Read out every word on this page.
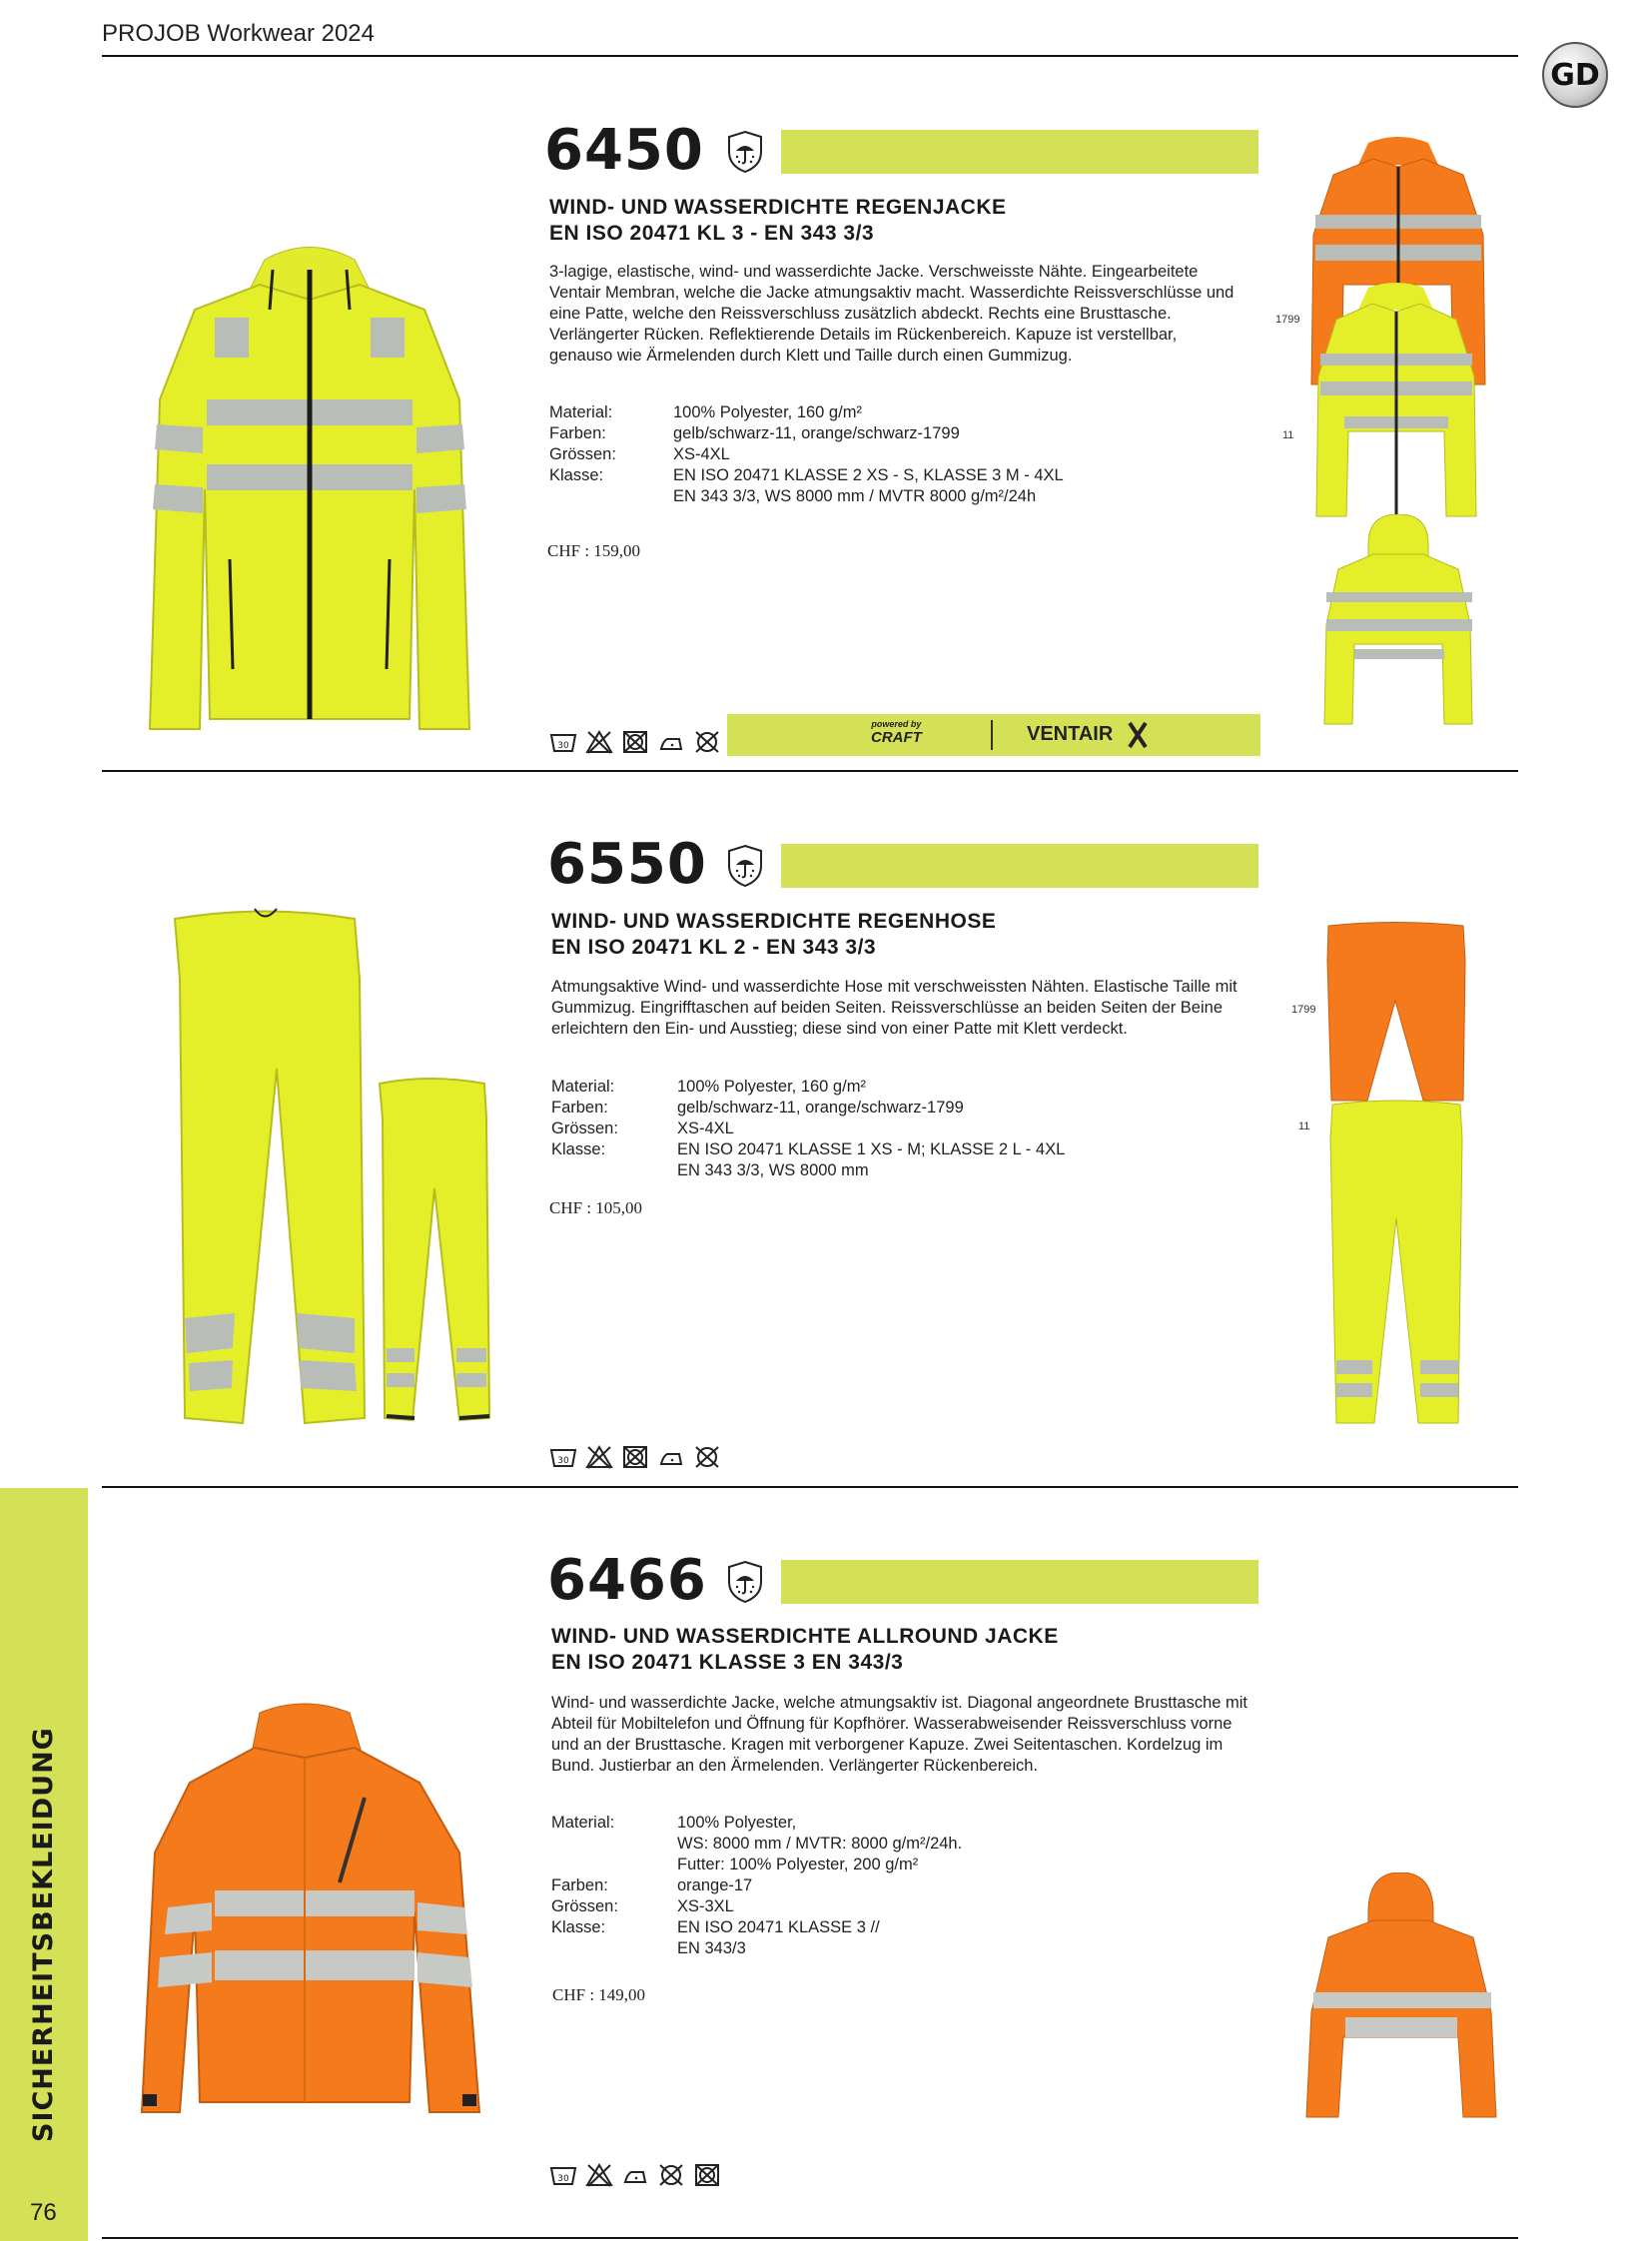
PROJOB Workwear 2024
GD
6450
WIND- UND WASSERDICHTE REGENJACKE
EN ISO 20471 KL 3 - EN 343 3/3
3-lagige, elastische, wind- und wasserdichte Jacke. Verschweisste Nähte. Eingearbeitete Ventair Membran, welche die Jacke atmungsaktiv macht. Wasserdichte Reissverschlüsse und eine Patte, welche den Reissverschluss zusätzlich abdeckt. Rechts eine Brusttasche. Verlängerter Rücken. Reflektierende Details im Rückenbereich. Kapuze ist verstellbar, genauso wie Ärmelenden durch Klett und Taille durch einen Gummizug.
Material:	100% Polyester, 160 g/m²
Farben:	gelb/schwarz-11, orange/schwarz-1799
Grössen:	XS-4XL
Klasse:	EN ISO 20471 KLASSE 2 XS - S, KLASSE 3 M - 4XL
EN 343 3/3, WS 8000 mm / MVTR 8000 g/m²/24h
CHF : 159,00
30
powered by
CRAFT	VENTAIR
1799
11
6550
WIND- UND WASSERDICHTE REGENHOSE
EN ISO 20471 KL 2 - EN 343 3/3
Atmungsaktive Wind- und wasserdichte Hose mit verschweissten Nähten. Elastische Taille mit Gummizug. Eingrifftaschen auf beiden Seiten. Reissverschlüsse an beiden Seiten der Beine erleichtern den Ein- und Ausstieg; diese sind von einer Patte mit Klett verdeckt.
Material:	100% Polyester, 160 g/m²
Farben:	gelb/schwarz-11, orange/schwarz-1799
Grössen:	XS-4XL
Klasse:	EN ISO 20471 KLASSE 1 XS - M; KLASSE 2 L - 4XL
EN 343 3/3, WS 8000 mm
CHF : 105,00
30
1799
11
6466
WIND- UND WASSERDICHTE ALLROUND JACKE
EN ISO 20471 KLASSE 3 EN 343/3
Wind- und wasserdichte Jacke, welche atmungsaktiv ist. Diagonal angeordnete Brusttasche mit Abteil für Mobiltelefon und Öffnung für Kopfhörer. Wasserabweisender Reissverschluss vorne und an der Brusttasche. Kragen mit verborgener Kapuze. Zwei Seitentaschen. Kordelzug im Bund. Justierbar an den Ärmelenden. Verlängerter Rückenbereich.
Material:	100% Polyester,
WS: 8000 mm / MVTR: 8000 g/m²/24h.
Futter: 100% Polyester, 200 g/m²
Farben:	orange-17
Grössen:	XS-3XL
Klasse:	EN ISO 20471 KLASSE 3 //
EN 343/3
CHF : 149,00
30
SICHERHEITSBEKLEIDUNG
76
